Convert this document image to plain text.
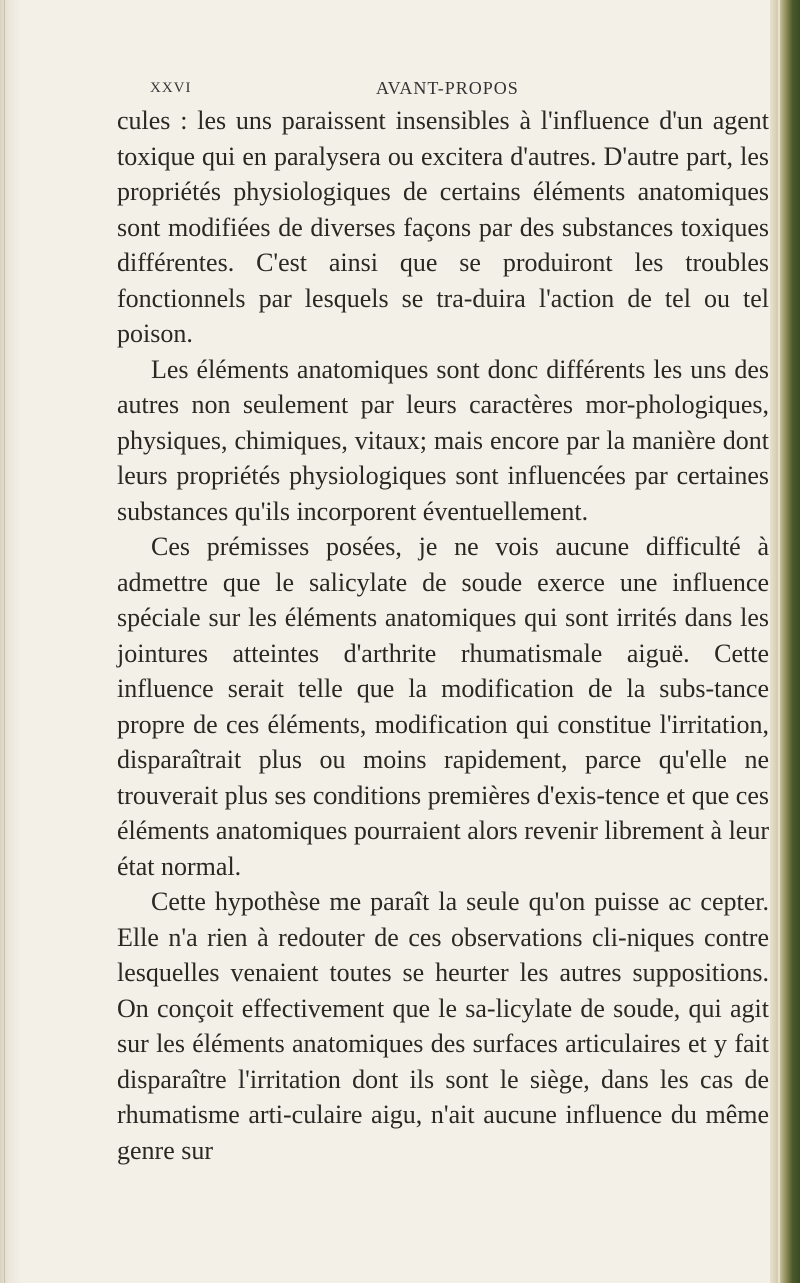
XXVI	AVANT-PROPOS

cules : les uns paraissent insensibles à l'influence d'un agent toxique qui en paralysera ou excitera d'autres. D'autre part, les propriétés physiologiques de certains éléments anatomiques sont modifiées de diverses façons par des substances toxiques différentes. C'est ainsi que se produiront les troubles fonctionnels par lesquels se tra-duira l'action de tel ou tel poison.

Les éléments anatomiques sont donc différents les uns des autres non seulement par leurs caractères mor-phologiques, physiques, chimiques, vitaux; mais encore par la manière dont leurs propriétés physiologiques sont influencées par certaines substances qu'ils incorporent éventuellement.

Ces prémisses posées, je ne vois aucune difficulté à admettre que le salicylate de soude exerce une influence spéciale sur les éléments anatomiques qui sont irrités dans les jointures atteintes d'arthrite rhumatismale aiguë. Cette influence serait telle que la modification de la subs-tance propre de ces éléments, modification qui constitue l'irritation, disparaîtrait plus ou moins rapidement, parce qu'elle ne trouverait plus ses conditions premières d'exis-tence et que ces éléments anatomiques pourraient alors revenir librement à leur état normal.

Cette hypothèse me paraît la seule qu'on puisse ac cepter. Elle n'a rien à redouter de ces observations cli-niques contre lesquelles venaient toutes se heurter les autres suppositions. On conçoit effectivement que le sa-licylate de soude, qui agit sur les éléments anatomiques des surfaces articulaires et y fait disparaître l'irritation dont ils sont le siège, dans les cas de rhumatisme arti-culaire aigu, n'ait aucune influence du même genre sur
